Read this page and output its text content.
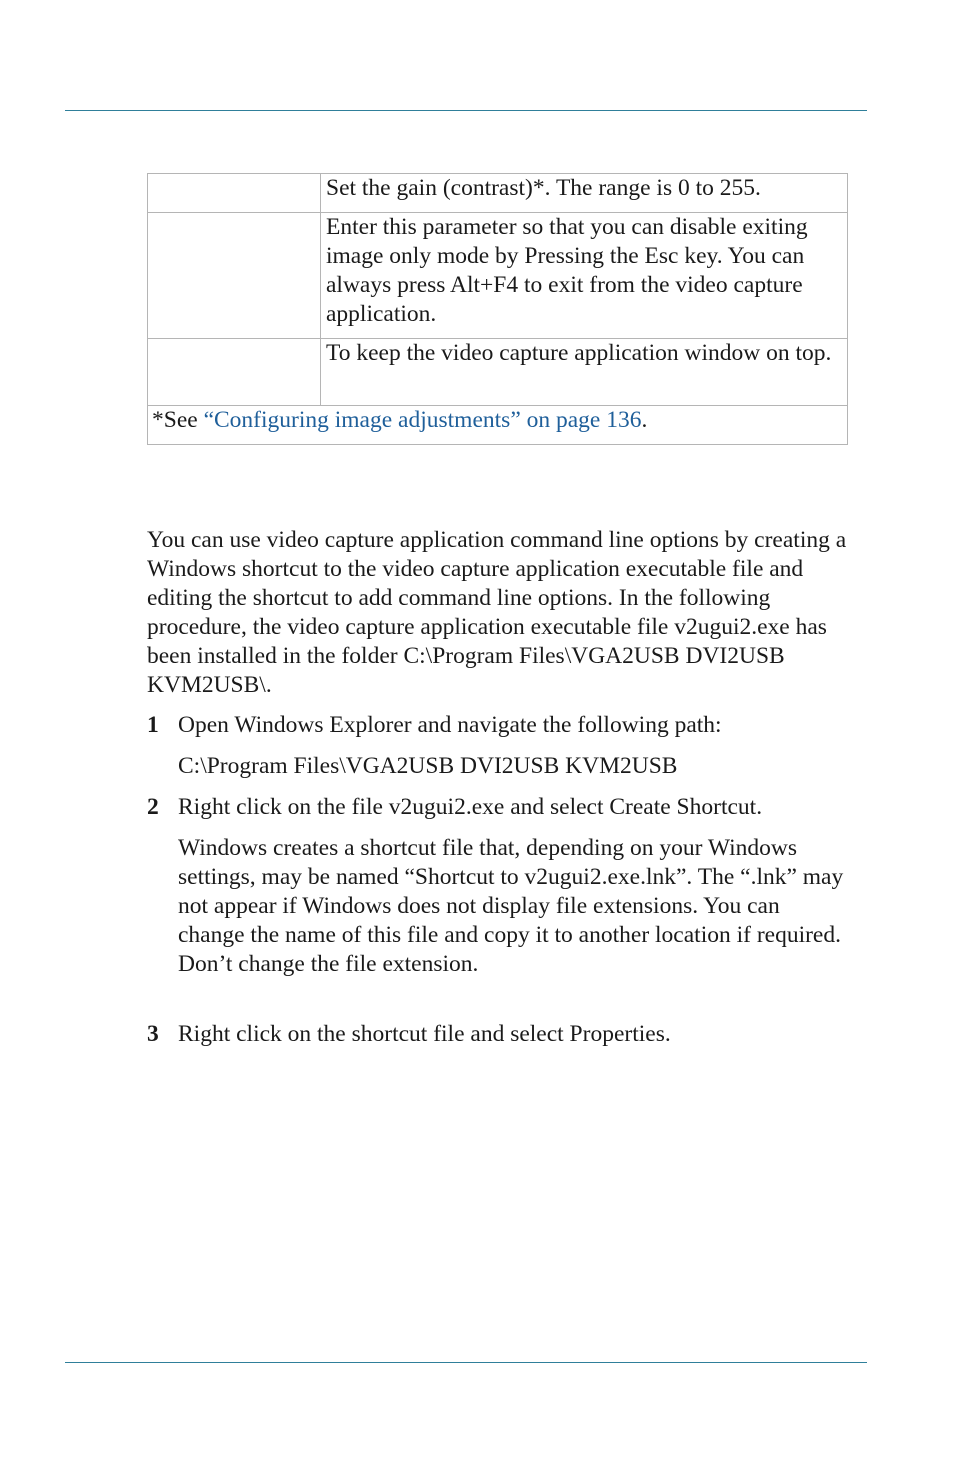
	Set the gain (contrast)*. The range is 0 to 255.
	Enter this parameter so that you can disable exiting image only mode by Pressing the Esc key. You can always press Alt+F4 to exit from the video capture application.
	To keep the video capture application window on top.
*See “Configuring image adjustments” on page 136.	

You can use video capture application command line options by creating a Windows shortcut to the video capture application executable file and editing the shortcut to add command line options. In the following procedure, the video capture application executable file v2ugui2.exe has been installed in the folder C:\Program Files\VGA2USB DVI2USB KVM2USB\.

1 Open Windows Explorer and navigate the following path:
C:\Program Files\VGA2USB DVI2USB KVM2USB
2 Right click on the file v2ugui2.exe and select Create Shortcut.
Windows creates a shortcut file that, depending on your Windows settings, may be named “Shortcut to v2ugui2.exe.lnk”. The “.lnk” may not appear if Windows does not display file extensions. You can change the name of this file and copy it to another location if required. Don’t change the file extension.
3 Right click on the shortcut file and select Properties.
